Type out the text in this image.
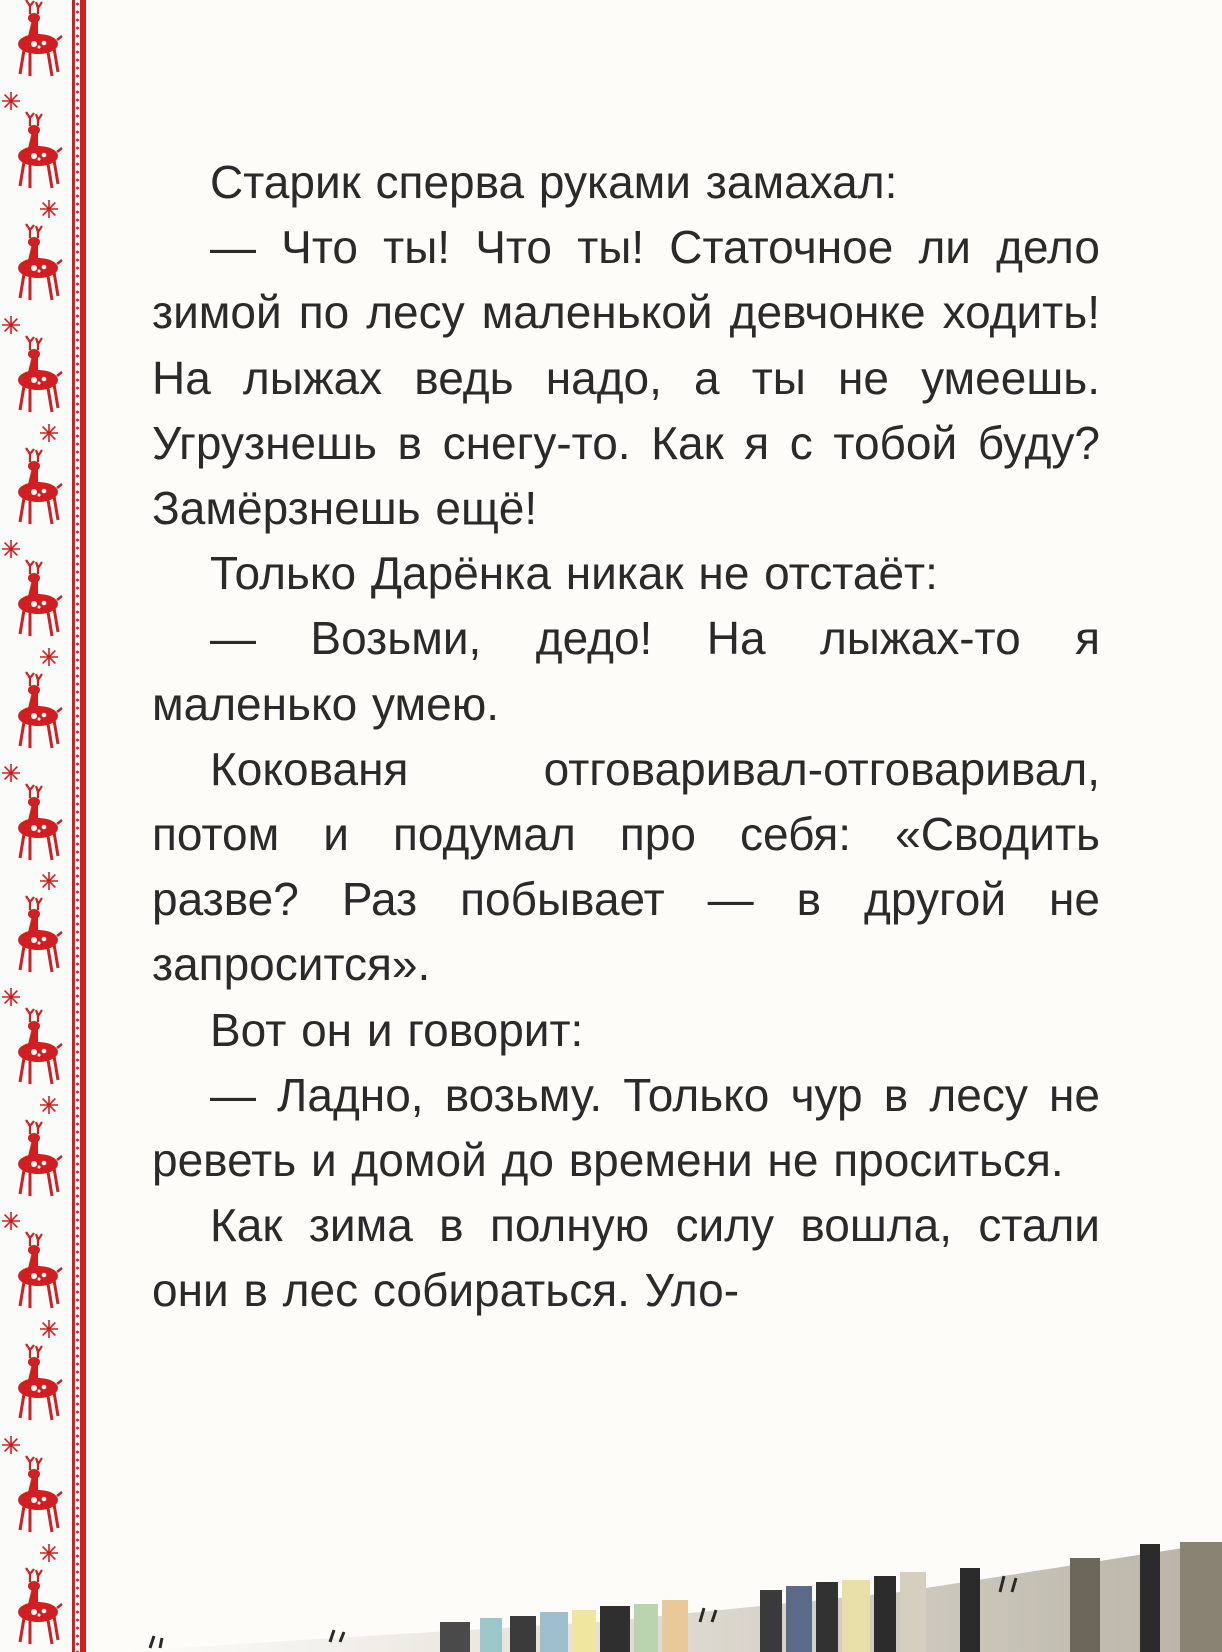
Старик сперва руками замахал:

— Что ты! Что ты! Статочное ли дело зимой по лесу маленькой девчонке ходить! На лыжах ведь надо, а ты не умеешь. Угрузнешь в снегу-то. Как я с тобой буду? Замёрзнешь ещё!

Только Дарёнка никак не отстаёт:

— Возьми, дедо! На лыжах-то я маленько умею.

Кокованя отговаривал-отговаривал, потом и подумал про себя: «Сводить разве? Раз побывает — в другой не запросится».

Вот он и говорит:

— Ладно, возьму. Только чур в лесу не реветь и домой до времени не проситься.

Как зима в полную силу вошла, стали они в лес собираться. Уло-
